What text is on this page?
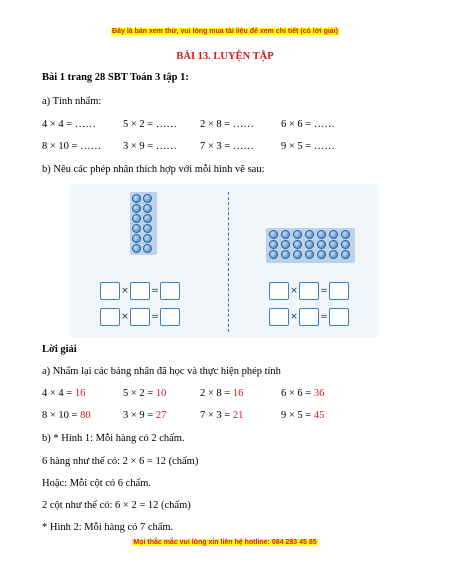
Đây là bản xem thử, vui lòng mua tài liệu để xem chi tiết (có lời giải)
BÀI 13. LUYỆN TẬP
Bài 1 trang 28 SBT Toán 3 tập 1:
a) Tính nhẩm:
4 × 4 = ……	5 × 2 = …… 2 × 8 = ……	6 × 6 = ……
8 × 10 = …… 3 × 9 = …… 7 × 3 = ……	9 × 5 = ……
b) Nêu các phép nhân thích hợp với mỗi hình vẽ sau:
× =
× =
× =
× =
Lời giải
a) Nhẩm lại các bảng nhân đã học và thực hiện phép tính
4 × 4 = 16	5 × 2 = 10	2 × 8 = 16	6 × 6 = 36
8 × 10 = 80	3 × 9 = 27	7 × 3 = 21	9 × 5 = 45
b) * Hình 1: Mỗi hàng có 2 chấm.
6 hàng như thế có: 2 × 6 = 12 (chấm)
Hoặc: Mỗi cột có 6 chấm.
2 cột như thế có: 6 × 2 = 12 (chấm)
* Hình 2: Mỗi hàng có 7 chấm.
Mọi thắc mắc vui lòng xin liên hệ hotline: 084 283 45 85
